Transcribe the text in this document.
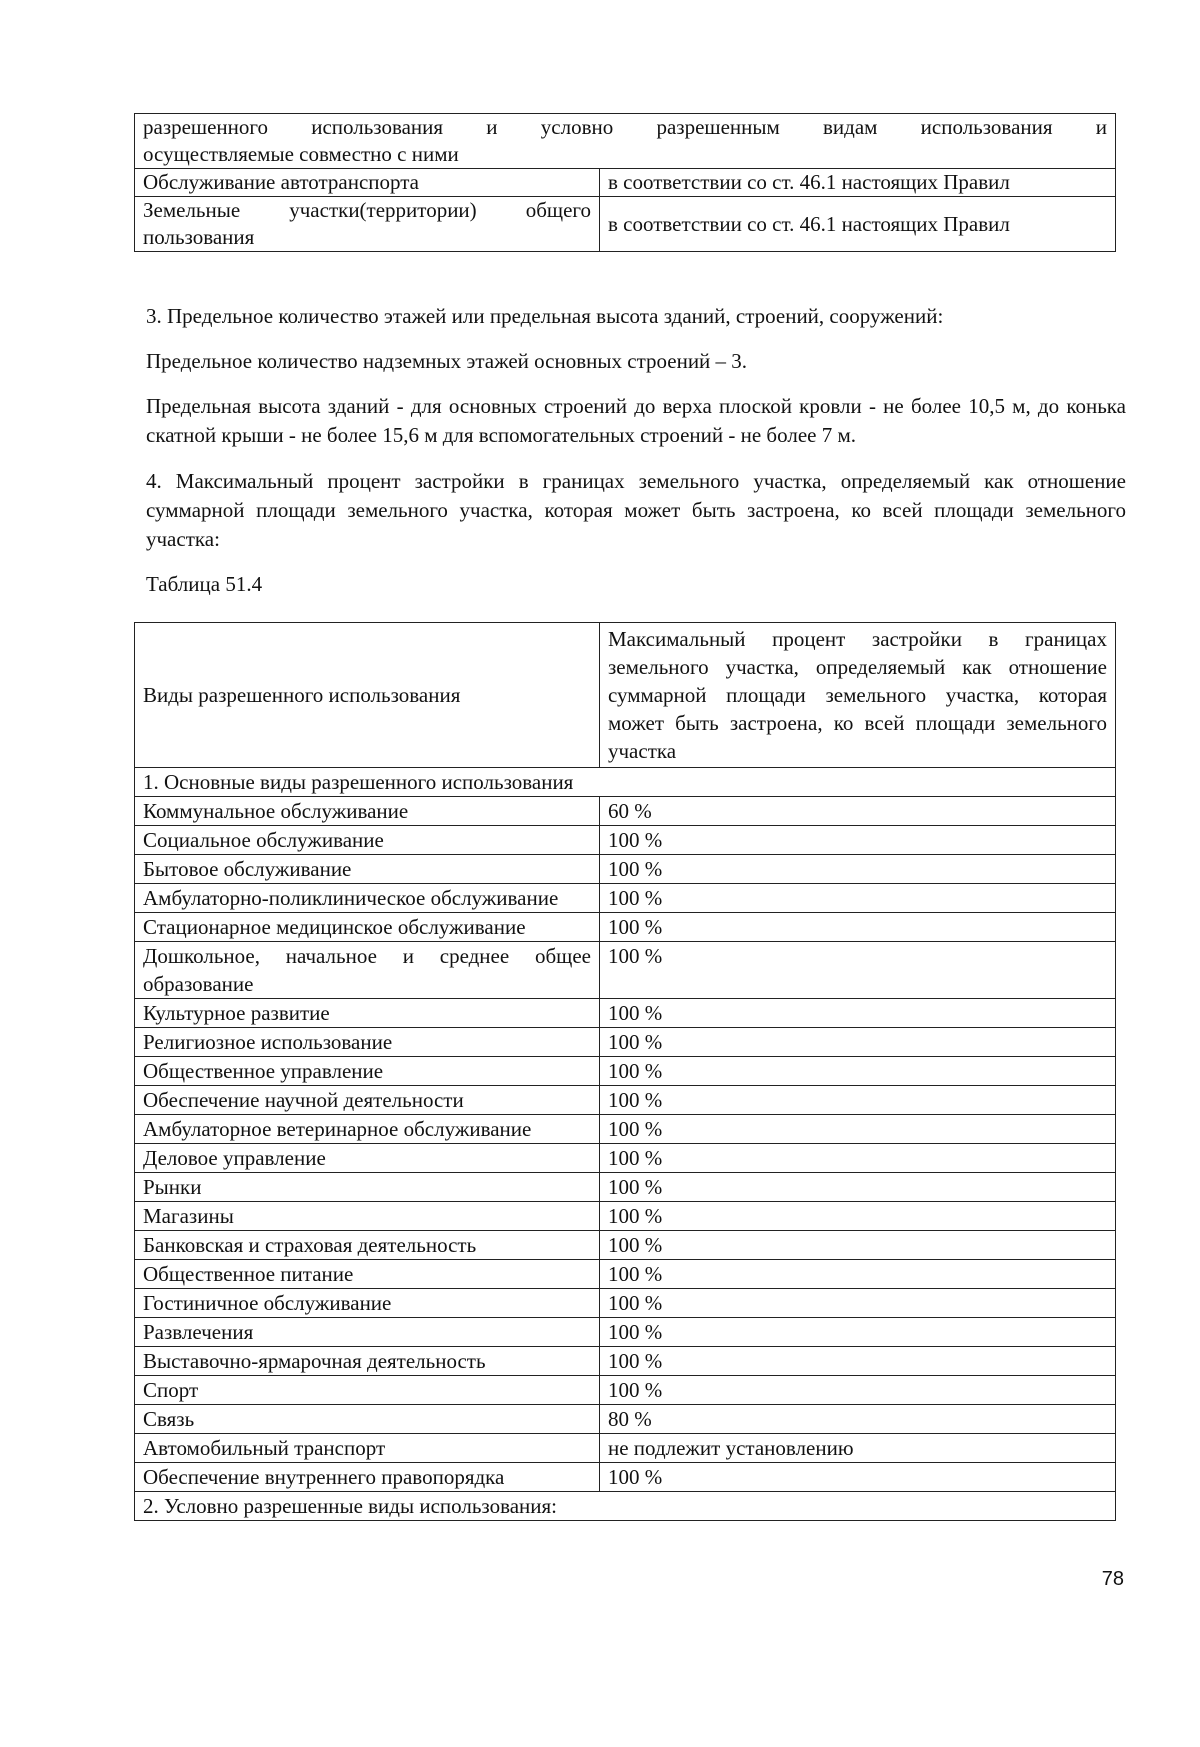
разрешенного использования и условно разрешенным видам использования и
осуществляемые совместно с ними	

Обслуживание автотранспорта	в соответствии со ст. 46.1 настоящих Правил
Земельные участки(территории) общего пользования	в соответствии со ст. 46.1 настоящих Правил

3. Предельное количество этажей или предельная высота зданий, строений, сооружений:

Предельное количество надземных этажей основных строений – 3.

Предельная высота зданий - для основных строений до верха плоской кровли - не более 10,5 м, до конька скатной крыши - не более 15,6 м для вспомогательных строений - не более 7 м.

4. Максимальный процент застройки в границах земельного участка, определяемый как отношение суммарной площади земельного участка, которая может быть застроена, ко всей площади земельного участка:

Таблица 51.4

Виды разрешенного использования	Максимальный процент застройки в границах земельного участка, определяемый как отношение суммарной площади земельного участка, которая может быть застроена, ко всей площади земельного участка
1. Основные виды разрешенного использования	
Коммунальное обслуживание	60 %
Социальное обслуживание	100 %
Бытовое обслуживание	100 %
Амбулаторно-поликлиническое обслуживание	100 %
Стационарное медицинское обслуживание	100 %
Дошкольное, начальное и среднее общее образование	100 %
Культурное развитие	100 %
Религиозное использование	100 %
Общественное управление	100 %
Обеспечение научной деятельности	100 %
Амбулаторное ветеринарное обслуживание	100 %
Деловое управление	100 %
Рынки	100 %
Магазины	100 %
Банковская и страховая деятельность	100 %
Общественное питание	100 %
Гостиничное обслуживание	100 %
Развлечения	100 %
Выставочно-ярмарочная деятельность	100 %
Спорт	100 %
Связь	80 %
Автомобильный транспорт	не подлежит установлению
Обеспечение внутреннего правопорядка	100 %
2. Условно разрешенные виды использования:	
78
